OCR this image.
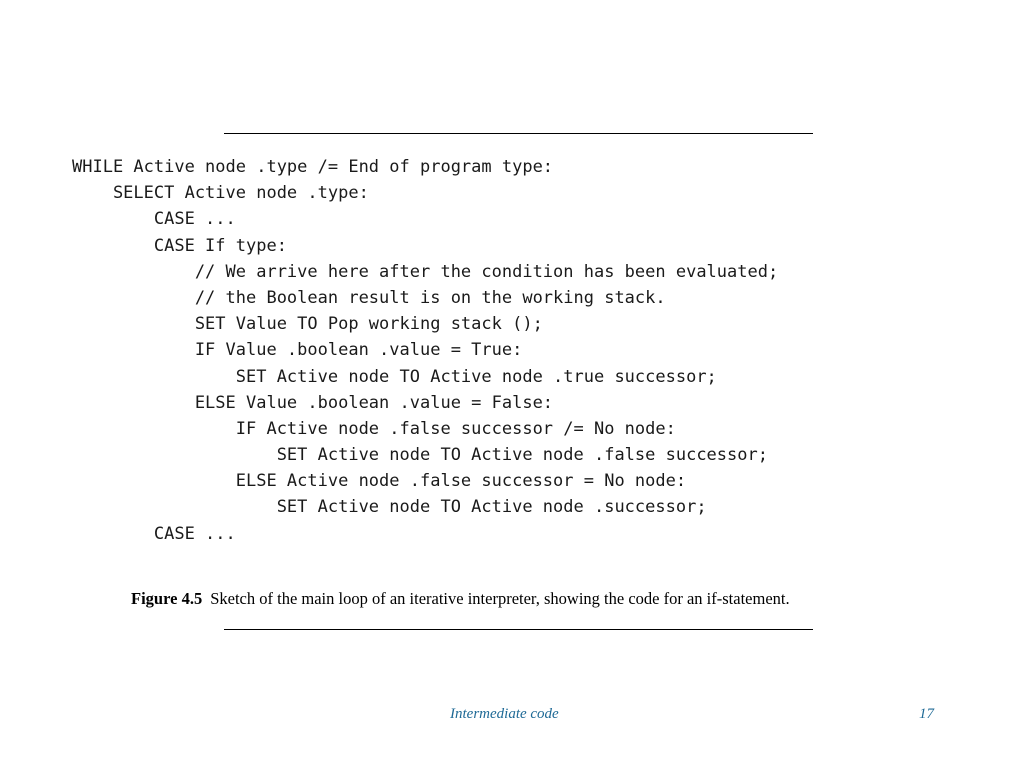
WHILE Active node .type /= End of program type:
SELECT Active node .type:
CASE ...
CASE If type:
// We arrive here after the condition has been evaluated;
// the Boolean result is on the working stack.
SET Value TO Pop working stack ();
IF Value .boolean .value = True:
SET Active node TO Active node .true successor;
ELSE Value .boolean .value = False:
IF Active node .false successor /= No node:
SET Active node TO Active node .false successor;
ELSE Active node .false successor = No node:
SET Active node TO Active node .successor;
CASE ...
Figure 4.5 Sketch of the main loop of an iterative interpreter, showing the code for an if-statement.
Intermediate code	17
